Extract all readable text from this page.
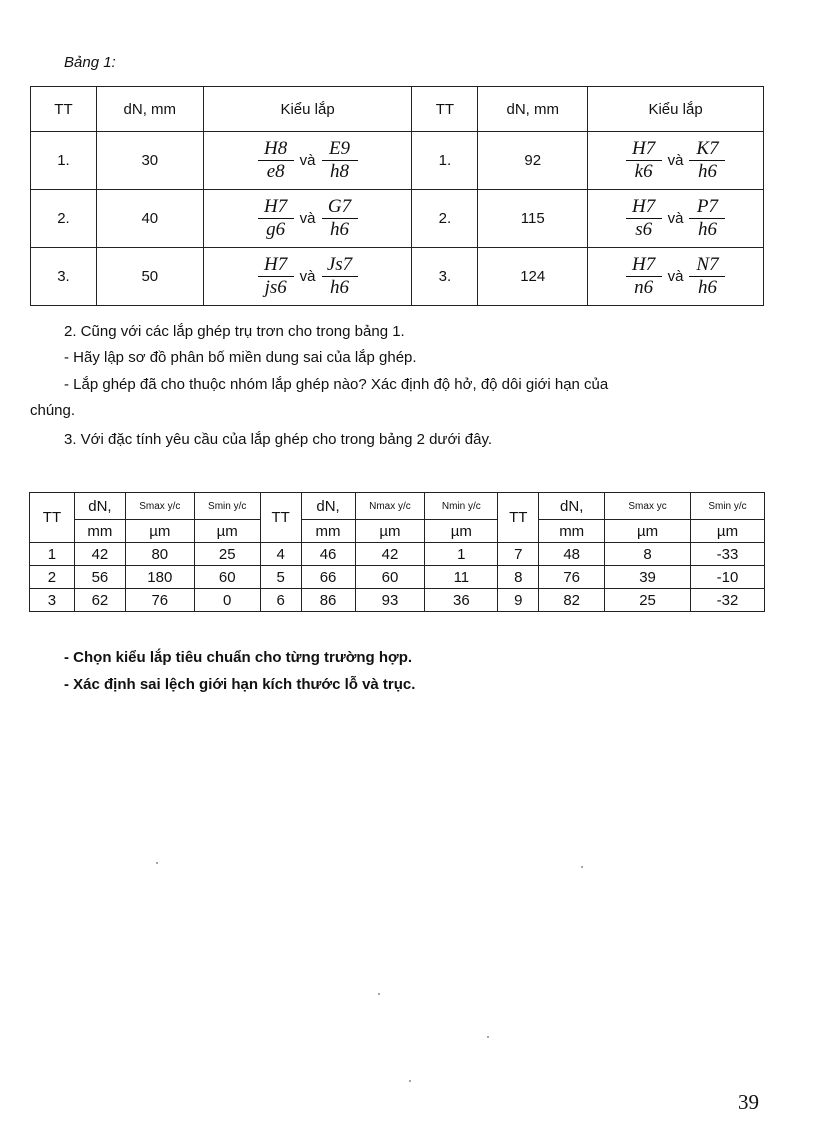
Bảng 1:
TT	dN, mm	Kiểu lắp	TT	dN, mm	Kiểu lắp
1.	30	$\frac{H8}{e8}$ và $\frac{E9}{h8}$	1.	92	$\frac{H7}{k6}$ và $\frac{K7}{h6}$

2.	40	$\frac{H7}{g6}$ và $\frac{G7}{h6}$	2.	115	$\frac{H7}{s6}$ và $\frac{P7}{h6}$

3.	50	$\frac{H7}{js6}$ và $\frac{Js7}{h6}$	3.	124	$\frac{H7}{n6}$ và $\frac{N7}{h6}$
2. Cũng với các lắp ghép trụ trơn cho trong bảng 1.
- Hãy lập sơ đồ phân bố miền dung sai của lắp ghép.
- Lắp ghép đã cho thuộc nhóm lắp ghép nào? Xác định độ hở, độ dôi giới hạn của
chúng.
3. Với đặc tính yêu cầu của lắp ghép cho trong bảng 2 dưới đây.
TT	dN,	Smax y/c	Smin y/c	TT	dN,	Nmax y/c	Nmin y/c	TT	dN,	Smax yc	Smin y/c
	mm	µm	µm		mm	µm	µm		mm	µm	µm
1	42	80	25	4	46	42	1	7	48	8	-33
2	56	180	60	5	66	60	11	8	76	39	-10
3	62	76	0	6	86	93	36	9	82	25	-32
- Chọn kiểu lắp tiêu chuẩn cho từng trường hợp.
- Xác định sai lệch giới hạn kích thước lỗ và trục.
39
